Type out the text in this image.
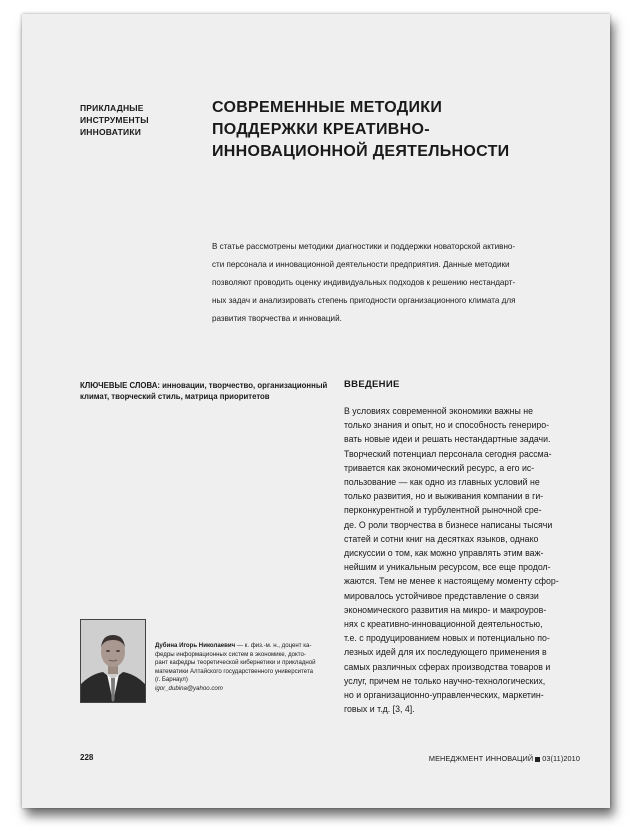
ПРИКЛАДНЫЕ
ИНСТРУМЕНТЫ
ИННОВАТИКИ
СОВРЕМЕННЫЕ МЕТОДИКИ ПОДДЕРЖКИ КРЕАТИВНО-ИННОВАЦИОННОЙ ДЕЯТЕЛЬНОСТИ
В статье рассмотрены методики диагностики и поддержки новаторской активно-
сти персонала и инновационной деятельности предприятия. Данные методики
позволяют проводить оценку индивидуальных подходов к решению нестандарт-
ных задач и анализировать степень пригодности организационного климата для
развития творчества и инноваций.
КЛЮЧЕВЫЕ СЛОВА: инновации, творчество, организационный климат, творческий стиль, матрица приоритетов
ВВЕДЕНИЕ
В условиях современной экономики важны не
только знания и опыт, но и способность генериро-
вать новые идеи и решать нестандартные задачи.
Творческий потенциал персонала сегодня рассма-
тривается как экономический ресурс, а его ис-
пользование — как одно из главных условий не
только развития, но и выживания компании в ги-
перконкурентной и турбулентной рыночной сре-
де. О роли творчества в бизнесе написаны тысячи
статей и сотни книг на десятках языков, однако
дискуссии о том, как можно управлять этим важ-
нейшим и уникальным ресурсом, все еще продол-
жаются. Тем не менее к настоящему моменту сфор-
мировалось устойчивое представление о связи
экономического развития на микро- и макроуров-
нях с креативно-инновационной деятельностью,
т.е. с продуцированием новых и потенциально по-
лезных идей для их последующего применения в
самых различных сферах производства товаров и
услуг, причем не только научно-технологических,
но и организационно-управленческих, маркетин-
говых и т.д. [3, 4].
Дубина Игорь Николаевич — к. физ.-м. н., доцент ка-
федры информационных систем в экономике, докто-
рант кафедры теоретической кибернетики и прикладной
математики Алтайского государственного университета
(г. Барнаул)
igor_dubina@yahoo.com
228	МЕНЕДЖМЕНТ ИННОВАЦИЙ 03(11)2010
